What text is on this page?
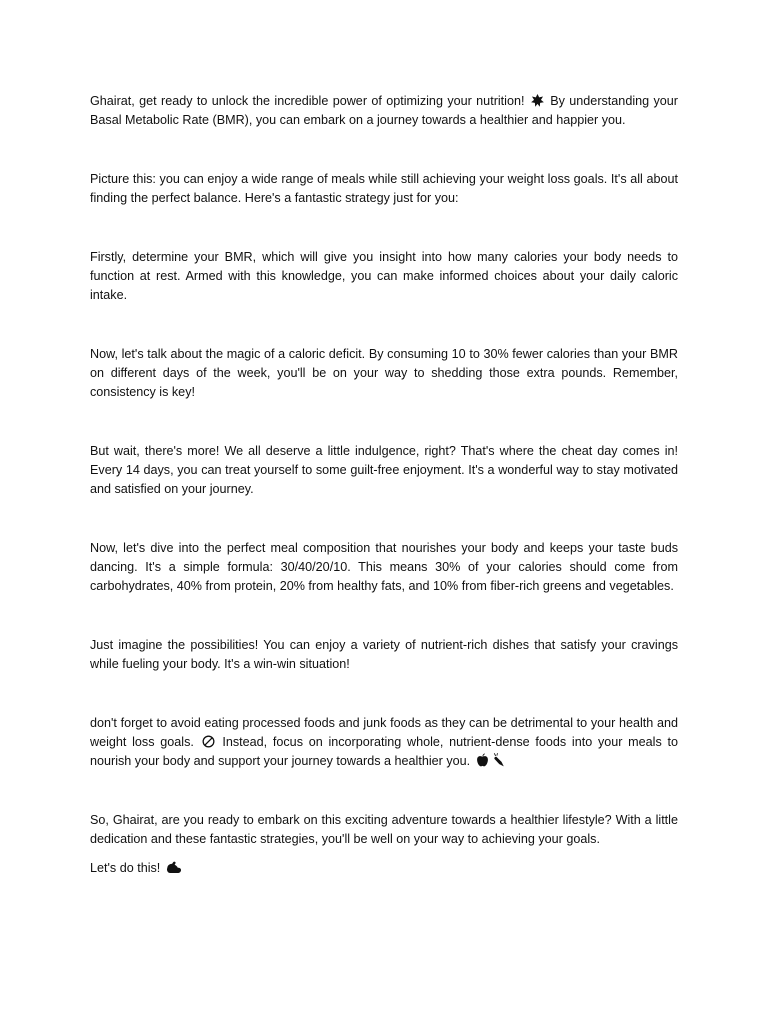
Ghairat, get ready to unlock the incredible power of optimizing your nutrition! By understanding your Basal Metabolic Rate (BMR), you can embark on a journey towards a healthier and happier you.

Picture this: you can enjoy a wide range of meals while still achieving your weight loss goals. It's all about finding the perfect balance. Here's a fantastic strategy just for you:

Firstly, determine your BMR, which will give you insight into how many calories your body needs to function at rest. Armed with this knowledge, you can make informed choices about your daily caloric intake.

Now, let's talk about the magic of a caloric deficit. By consuming 10 to 30% fewer calories than your BMR on different days of the week, you'll be on your way to shedding those extra pounds. Remember, consistency is key!

But wait, there's more! We all deserve a little indulgence, right? That's where the cheat day comes in! Every 14 days, you can treat yourself to some guilt-free enjoyment. It's a wonderful way to stay motivated and satisfied on your journey.

Now, let's dive into the perfect meal composition that nourishes your body and keeps your taste buds dancing. It's a simple formula: 30/40/20/10. This means 30% of your calories should come from carbohydrates, 40% from protein, 20% from healthy fats, and 10% from fiber-rich greens and vegetables.

Just imagine the possibilities! You can enjoy a variety of nutrient-rich dishes that satisfy your cravings while fueling your body. It's a win-win situation!

don't forget to avoid eating processed foods and junk foods as they can be detrimental to your health and weight loss goals. Instead, focus on incorporating whole, nutrient-dense foods into your meals to nourish your body and support your journey towards a healthier you.

So, Ghairat, are you ready to embark on this exciting adventure towards a healthier lifestyle? With a little dedication and these fantastic strategies, you'll be well on your way to achieving your goals.

Let's do this!
